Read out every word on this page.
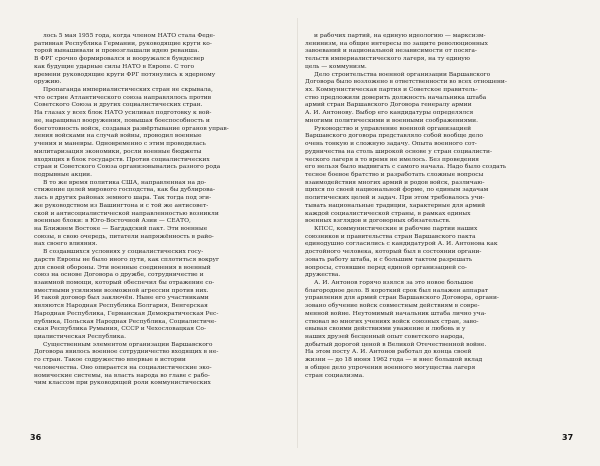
лось 5 мая 1955 года, когда членом НАТО стала Феде-
ративная Республика Германии, руководящие круги ко-
торой вынашивали и провозглашали идею реванша.
В ФРГ срочно формировался и вооружался бундесвер
как будущие ударные силы НАТО в Европе. С того
времени руководящие круги ФРГ потянулись к ядерному
оружию.
Пропаганда империалистических стран не скрывала,
что острие Атлантического союза направлялось против
Советского Союза и других социалистических стран.
На глазах у всех блок НАТО усиливал подготовку к вой-
не, наращивал вооружения, повышая боеспособность и
боеготовность войск, создавая развёртывание органов управ-
ления войсками на случай войны, проводил военные
учения и маневры. Одновременно с этим проводилась
милитаризация экономики, росли военные бюджеты
входящих в блок государств. Против социалистических
стран и Советского Союза организовывались разного рода
подрывные акции.
В то же время политика США, направленная на до-
стижение целей мирового господства, как бы дублирова-
лась в других районах земного шара. Так тогда под эги-
же руководством из Вашингтона и с той же антисовет-
ской и антисоциалистической направленностью возникли
военные блоки: в Юго-Восточной Азии — СЕАТО,
на Ближнем Востоке — Багдадский пакт. Эти военные
союзы, в свою очередь, питатели напряжённость в райо-
нах своего влияния.
В создавшихся условиях у социалистических госу-
дарств Европы не было иного пути, как сплотиться вокруг
для своей обороны. Эти военные соединения в военный
союз на основе Договора о дружбе, сотрудничестве и
взаимной помощи, который обеспечил бы отражение со-
вместными усилиями возможной агрессии против них.
И такой договор был заключён. Ныне его участниками
являются Народная Республика Болгария, Венгерская
Народная Республика, Германская Демократическая Рес-
публика, Польская Народная Республика, Социалистиче-
ская Республика Румыния, СССР и Чехословацкая Со-
циалистическая Республика.
Существенным элементом организации Варшавского
Договора явилось военное сотрудничество входящих в не-
го стран. Такое содружество впервые в истории
человечества. Оно опирается на социалистические эко-
номические системы, на власть народа во главе с рабо-
чим классом при руководящей роли коммунистических
и рабочих партий, на единую идеологию — марксизм-
ленинизм, на общие интересы по защите революционных
завоеваний и национальной независимости от посяга-
тельств империалистического лагеря, на ту единую
цель — коммунизм.
Дело строительства военной организации Варшавского
Договора было возложено в ответственности во всех отношени-
ях. Коммунистическая партия и Советское правитель-
ство предложили доверить должность начальника штаба
армий стран Варшавского Договора генералу армии
А. И. Антонову. Выбор его кандидатуры определялся
многими политическими и военными соображениями.
Руководство и управление военной организацией
Варшавского договора представляло собой вообще дело
очень тонкую и сложную задачу. Опыта военного сот-
рудничества на столь широкой основе у стран социалисти-
ческого лагеря в то время не имелось. Без проведения
его нельзя было выдвигать с самого начала. Надо было создать
тесное боевое братство и разработать сложные вопросы
взаимодействия многих армий и родов войск, различаю-
щихся по своей национальной форме, по единым задачам
политических целей и задач. При этом требовалось учи-
тывать национальные традиции, характерные для армий
каждой социалистической страны, в рамках единых
военных взглядов и договорных обязательств.
КПСС, коммунистические и рабочие партии наших
союзников и правительства стран Варшавского пакта
единодушно согласились с кандидатурой А. И. Антонова как
достойного человека, который был в состоянии органи-
зовать работу штаба, и с большим тактом разрешать
вопросы, стоявшие перед единой организацией со-
дружества.
А. И. Антонов горячо взялся за это новое большое
благородное дело. В короткий срок был налажен аппарат
управления для армий стран Варшавского Договора, органи-
зовано обучение войск совместным действиям в совре-
менной войне. Неутомимый начальник штаба лично уча-
ствовал во многих учениях войск союзных стран, заво-
евывая своими действиями уважение и любовь и у
наших друзей бесценный опыт советского народа,
добытый дорогой ценой в Великой Отечественной войне.
На этом посту А. И. Антонов работал до конца своей
жизни — до 18 июня 1962 года — и внес большой вклад
в общее дело упрочения военного могущества лагеря
стран социализма.
36	37
